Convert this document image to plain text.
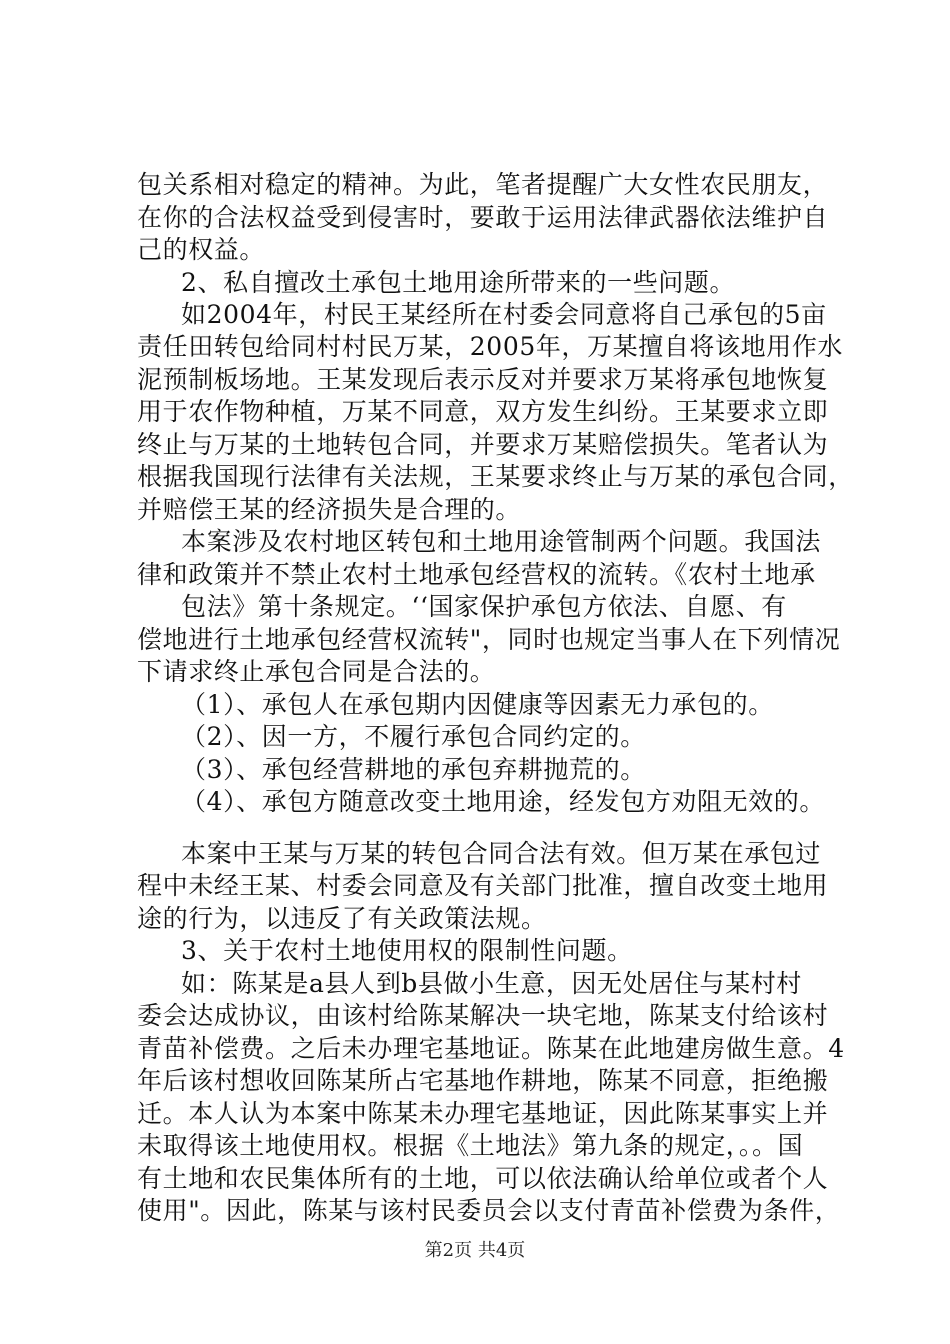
包关系相对稳定的精神。为此，笔者提醒广大女性农民朋友，
在你的合法权益受到侵害时，要敢于运用法律武器依法维护自
己的权益。
2、私自擅改土承包土地用途所带来的一些问题。
如2004年，村民王某经所在村委会同意将自己承包的5亩
责任田转包给同村村民万某，2005年，万某擅自将该地用作水
泥预制板场地。王某发现后表示反对并要求万某将承包地恢复
用于农作物种植，万某不同意，双方发生纠纷。王某要求立即
终止与万某的土地转包合同，并要求万某赔偿损失。笔者认为
根据我国现行法律有关法规，王某要求终止与万某的承包合同，
并赔偿王某的经济损失是合理的。
本案涉及农村地区转包和土地用途管制两个问题。我国法
律和政策并不禁止农村土地承包经营权的流转。《农村土地承
包法》第十条规定。‘‘国家保护承包方依法、自愿、有
偿地进行土地承包经营权流转"，同时也规定当事人在下列情况
下请求终止承包合同是合法的。
（1）、承包人在承包期内因健康等因素无力承包的。
（2）、因一方，不履行承包合同约定的。
（3）、承包经营耕地的承包弃耕抛荒的。
（4）、承包方随意改变土地用途，经发包方劝阻无效的。
本案中王某与万某的转包合同合法有效。但万某在承包过
程中未经王某、村委会同意及有关部门批准，擅自改变土地用
途的行为，以违反了有关政策法规。
3、关于农村土地使用权的限制性问题。
如：陈某是a县人到b县做小生意，因无处居住与某村村
委会达成协议，由该村给陈某解决一块宅地，陈某支付给该村
青苗补偿费。之后未办理宅基地证。陈某在此地建房做生意。4
年后该村想收回陈某所占宅基地作耕地，陈某不同意，拒绝搬
迁。本人认为本案中陈某未办理宅基地证，因此陈某事实上并
未取得该土地使用权。根据《土地法》第九条的规定，。。国
有土地和农民集体所有的土地，可以依法确认给单位或者个人
使用"。因此，陈某与该村民委员会以支付青苗补偿费为条件，
第2页 共4页
